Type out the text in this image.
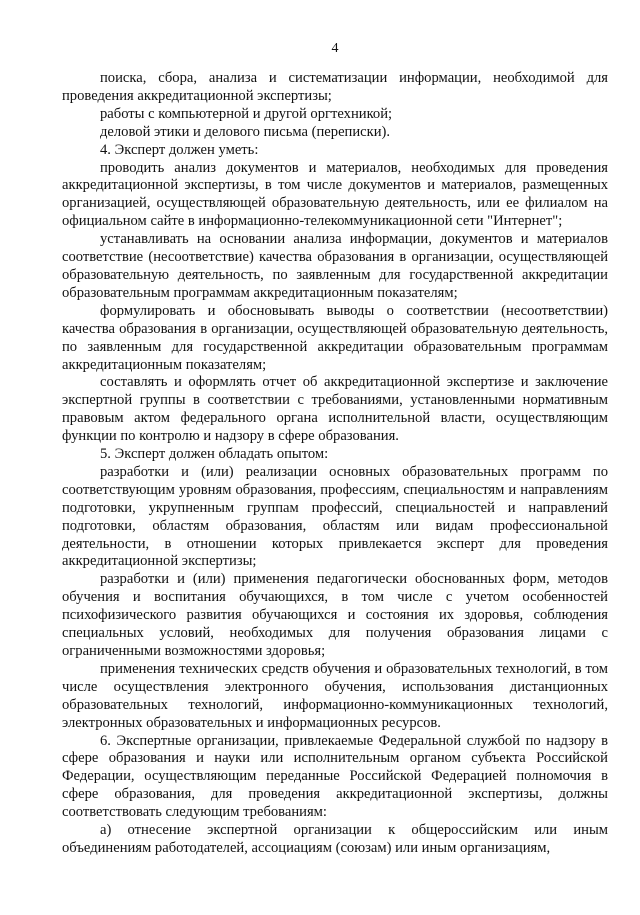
4

поиска, сбора, анализа и систематизации информации, необходимой для проведения аккредитационной экспертизы;

работы с компьютерной и другой оргтехникой;

деловой этики и делового письма (переписки).

4. Эксперт должен уметь:

проводить анализ документов и материалов, необходимых для проведения аккредитационной экспертизы, в том числе документов и материалов, размещенных организацией, осуществляющей образовательную деятельность, или ее филиалом на официальном сайте в информационно-телекоммуникационной сети "Интернет";

устанавливать на основании анализа информации, документов и материалов соответствие (несоответствие) качества образования в организации, осуществляющей образовательную деятельность, по заявленным для государственной аккредитации образовательным программам аккредитационным показателям;

формулировать и обосновывать выводы о соответствии (несоответствии) качества образования в организации, осуществляющей образовательную деятельность, по заявленным для государственной аккредитации образовательным программам аккредитационным показателям;

составлять и оформлять отчет об аккредитационной экспертизе и заключение экспертной группы в соответствии с требованиями, установленными нормативным правовым актом федерального органа исполнительной власти, осуществляющим функции по контролю и надзору в сфере образования.

5. Эксперт должен обладать опытом:

разработки и (или) реализации основных образовательных программ по соответствующим уровням образования, профессиям, специальностям и направлениям подготовки, укрупненным группам профессий, специальностей и направлений подготовки, областям образования, областям или видам профессиональной деятельности, в отношении которых привлекается эксперт для проведения аккредитационной экспертизы;

разработки и (или) применения педагогически обоснованных форм, методов обучения и воспитания обучающихся, в том числе с учетом особенностей психофизического развития обучающихся и состояния их здоровья, соблюдения специальных условий, необходимых для получения образования лицами с ограниченными возможностями здоровья;

применения технических средств обучения и образовательных технологий, в том числе осуществления электронного обучения, использования дистанционных образовательных технологий, информационно-коммуникационных технологий, электронных образовательных и информационных ресурсов.

6. Экспертные организации, привлекаемые Федеральной службой по надзору в сфере образования и науки или исполнительным органом субъекта Российской Федерации, осуществляющим переданные Российской Федерацией полномочия в сфере образования, для проведения аккредитационной экспертизы, должны соответствовать следующим требованиям:

а) отнесение экспертной организации к общероссийским или иным объединениям работодателей, ассоциациям (союзам) или иным организациям,
